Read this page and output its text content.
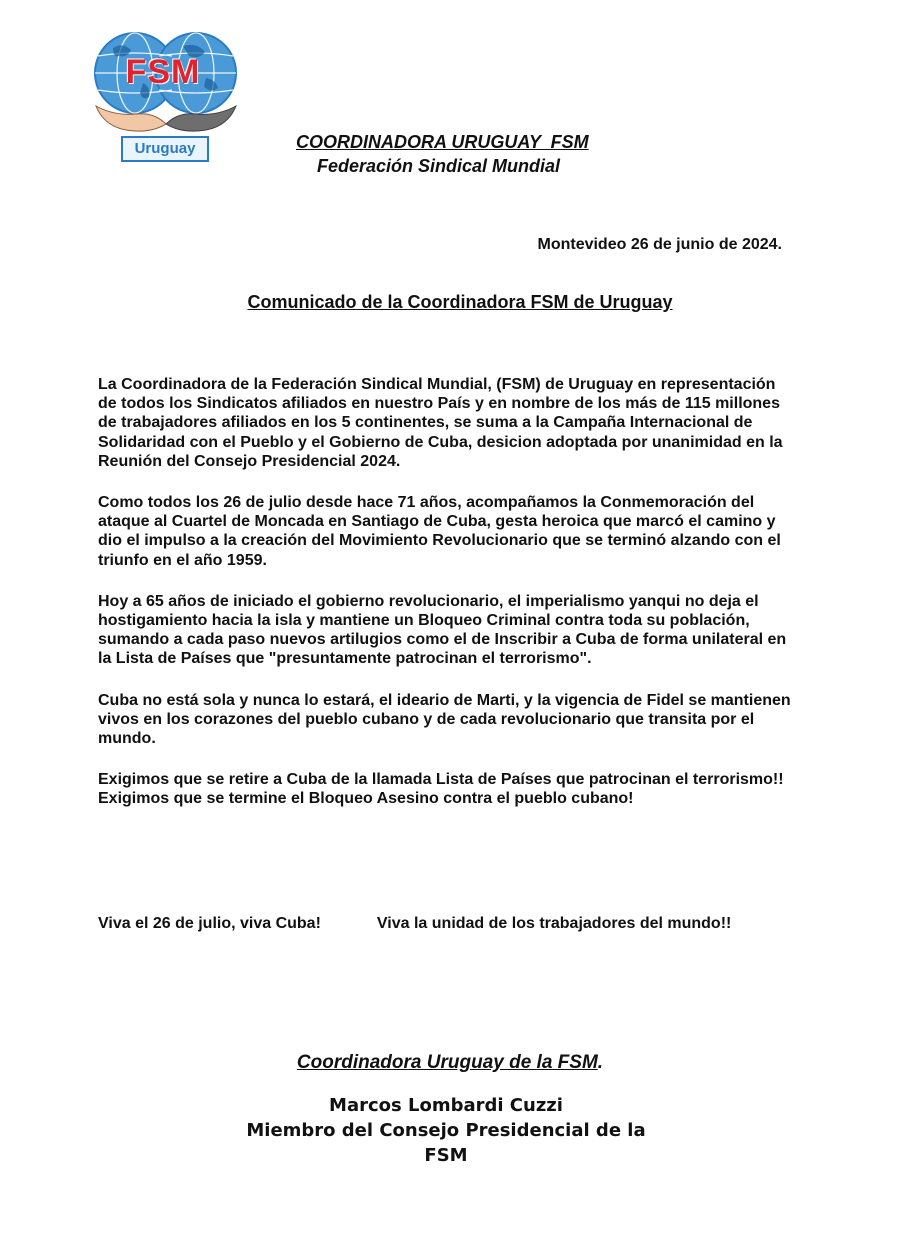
FSM
Uruguay	COORDINADORA URUGUAY  FSM
Federación Sindical Mundial
Montevideo 26 de junio de 2024.
Comunicado de la Coordinadora FSM de Uruguay

La Coordinadora de la Federación Sindical Mundial, (FSM) de Uruguay en representación de todos los Sindicatos afiliados en nuestro País y en nombre de los más de 115 millones de trabajadores afiliados en los 5 continentes, se suma a la Campaña Internacional de Solidaridad con el Pueblo y el Gobierno de Cuba, desicion adoptada por unanimidad en la Reunión del Consejo Presidencial 2024.

Como todos los 26 de julio desde hace 71 años, acompañamos la Conmemoración del ataque al Cuartel de Moncada en Santiago de Cuba, gesta heroica que marcó el camino y dio el impulso a la creación del Movimiento Revolucionario que se terminó alzando con el triunfo en el año 1959.

Hoy a 65 años de iniciado el gobierno revolucionario, el imperialismo yanqui no deja el hostigamiento hacia la isla y mantiene un Bloqueo Criminal contra toda su población, sumando a cada paso nuevos artilugios como el de Inscribir a Cuba de forma unilateral en la Lista de Países que "presuntamente patrocinan el terrorismo".

Cuba no está sola y nunca lo estará, el ideario de Marti, y la vigencia de Fidel se mantienen vivos en los corazones del pueblo cubano y de cada revolucionario que transita por el mundo.

Exigimos que se retire a Cuba de la llamada Lista de Países que patrocinan el terrorismo!! Exigimos que se termine el Bloqueo Asesino contra el pueblo cubano!

Viva el 26 de julio, viva Cuba!	Viva la unidad de los trabajadores del mundo!!
Coordinadora Uruguay de la FSM.
Marcos Lombardi Cuzzi
Miembro del Consejo Presidencial de la
FSM
